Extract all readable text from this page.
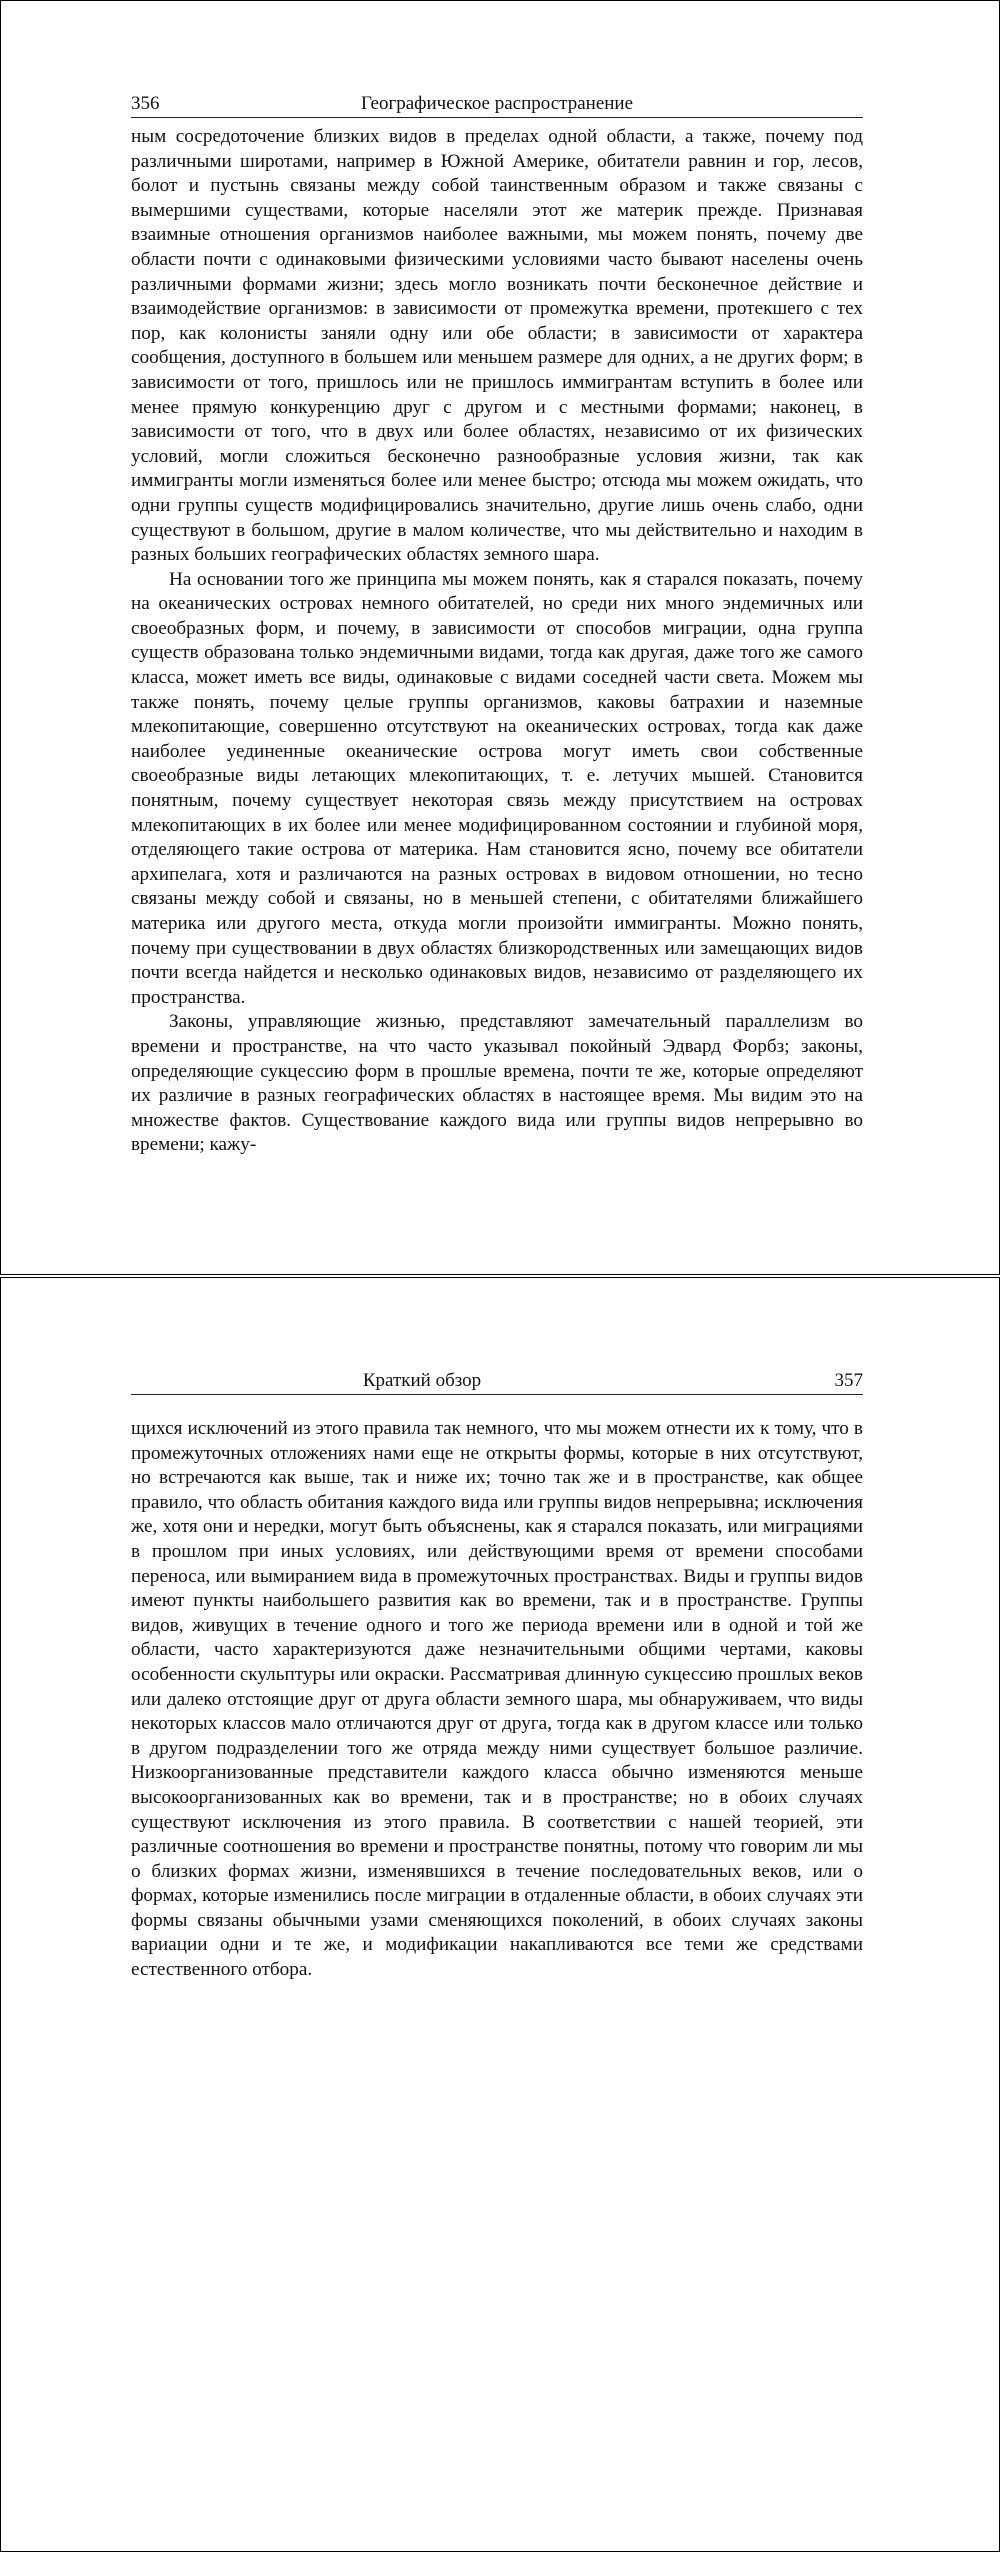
356	Географическое распространение

ным сосредоточение близких видов в пределах одной области, а также, почему под различными широтами, например в Южной Америке, обитатели равнин и гор, лесов, болот и пустынь связаны между собой таинственным образом и также связаны с вымершими существами, которые населяли этот же материк прежде. Признавая взаимные отношения организмов наиболее важными, мы можем понять, почему две области почти с одинаковыми физическими условиями часто бывают населены очень различными формами жизни; здесь могло возникать почти бесконечное действие и взаимодействие организмов: в зависимости от промежутка времени, протекшего с тех пор, как колонисты заняли одну или обе области; в зависимости от характера сообщения, доступного в большем или меньшем размере для одних, а не других форм; в зависимости от того, пришлось или не пришлось иммигрантам вступить в более или менее прямую конкуренцию друг с другом и с местными формами; наконец, в зависимости от того, что в двух или более областях, независимо от их физических условий, могли сложиться бесконечно разнообразные условия жизни, так как иммигранты могли изменяться более или менее быстро; отсюда мы можем ожидать, что одни группы существ модифицировались значительно, другие лишь очень слабо, одни существуют в большом, другие в малом количестве, что мы действительно и находим в разных больших географических областях земного шара.

На основании того же принципа мы можем понять, как я старался показать, почему на океанических островах немного обитателей, но среди них много эндемичных или своеобразных форм, и почему, в зависимости от способов миграции, одна группа существ образована только эндемичными видами, тогда как другая, даже того же самого класса, может иметь все виды, одинаковые с видами соседней части света. Можем мы также понять, почему целые группы организмов, каковы батрахии и наземные млекопитающие, совершенно отсутствуют на океанических островах, тогда как даже наиболее уединенные океанические острова могут иметь свои собственные своеобразные виды летающих млекопитающих, т. е. летучих мышей. Становится понятным, почему существует некоторая связь между присутствием на островах млекопитающих в их более или менее модифицированном состоянии и глубиной моря, отделяющего такие острова от материка. Нам становится ясно, почему все обитатели архипелага, хотя и различаются на разных островах в видовом отношении, но тесно связаны между собой и связаны, но в меньшей степени, с обитателями ближайшего материка или другого места, откуда могли произойти иммигранты. Можно понять, почему при существовании в двух областях близкородственных или замещающих видов почти всегда найдется и несколько одинаковых видов, независимо от разделяющего их пространства.

Законы, управляющие жизнью, представляют замечательный параллелизм во времени и пространстве, на что часто указывал покойный Эдвард Форбз; законы, определяющие сукцессию форм в прошлые времена, почти те же, которые определяют их различие в разных географических областях в настоящее время. Мы видим это на множестве фактов. Существование каждого вида или группы видов непрерывно во времени; кажу-

Краткий обзор	357

щихся исключений из этого правила так немного, что мы можем отнести их к тому, что в промежуточных отложениях нами еще не открыты формы, которые в них отсутствуют, но встречаются как выше, так и ниже их; точно так же и в пространстве, как общее правило, что область обитания каждого вида или группы видов непрерывна; исключения же, хотя они и нередки, могут быть объяснены, как я старался показать, или миграциями в прошлом при иных условиях, или действующими время от времени способами переноса, или вымиранием вида в промежуточных пространствах. Виды и группы видов имеют пункты наибольшего развития как во времени, так и в пространстве. Группы видов, живущих в течение одного и того же периода времени или в одной и той же области, часто характеризуются даже незначительными общими чертами, каковы особенности скульптуры или окраски. Рассматривая длинную сукцессию прошлых веков или далеко отстоящие друг от друга области земного шара, мы обнаруживаем, что виды некоторых классов мало отличаются друг от друга, тогда как в другом классе или только в другом подразделении того же отряда между ними существует большое различие. Низкоорганизованные представители каждого класса обычно изменяются меньше высокоорганизованных как во времени, так и в пространстве; но в обоих случаях существуют исключения из этого правила. В соответствии с нашей теорией, эти различные соотношения во времени и пространстве понятны, потому что говорим ли мы о близких формах жизни, изменявшихся в течение последовательных веков, или о формах, которые изменились после миграции в отдаленные области, в обоих случаях эти формы связаны обычными узами сменяющихся поколений, в обоих случаях законы вариации одни и те же, и модификации накапливаются все теми же средствами естественного отбора.
